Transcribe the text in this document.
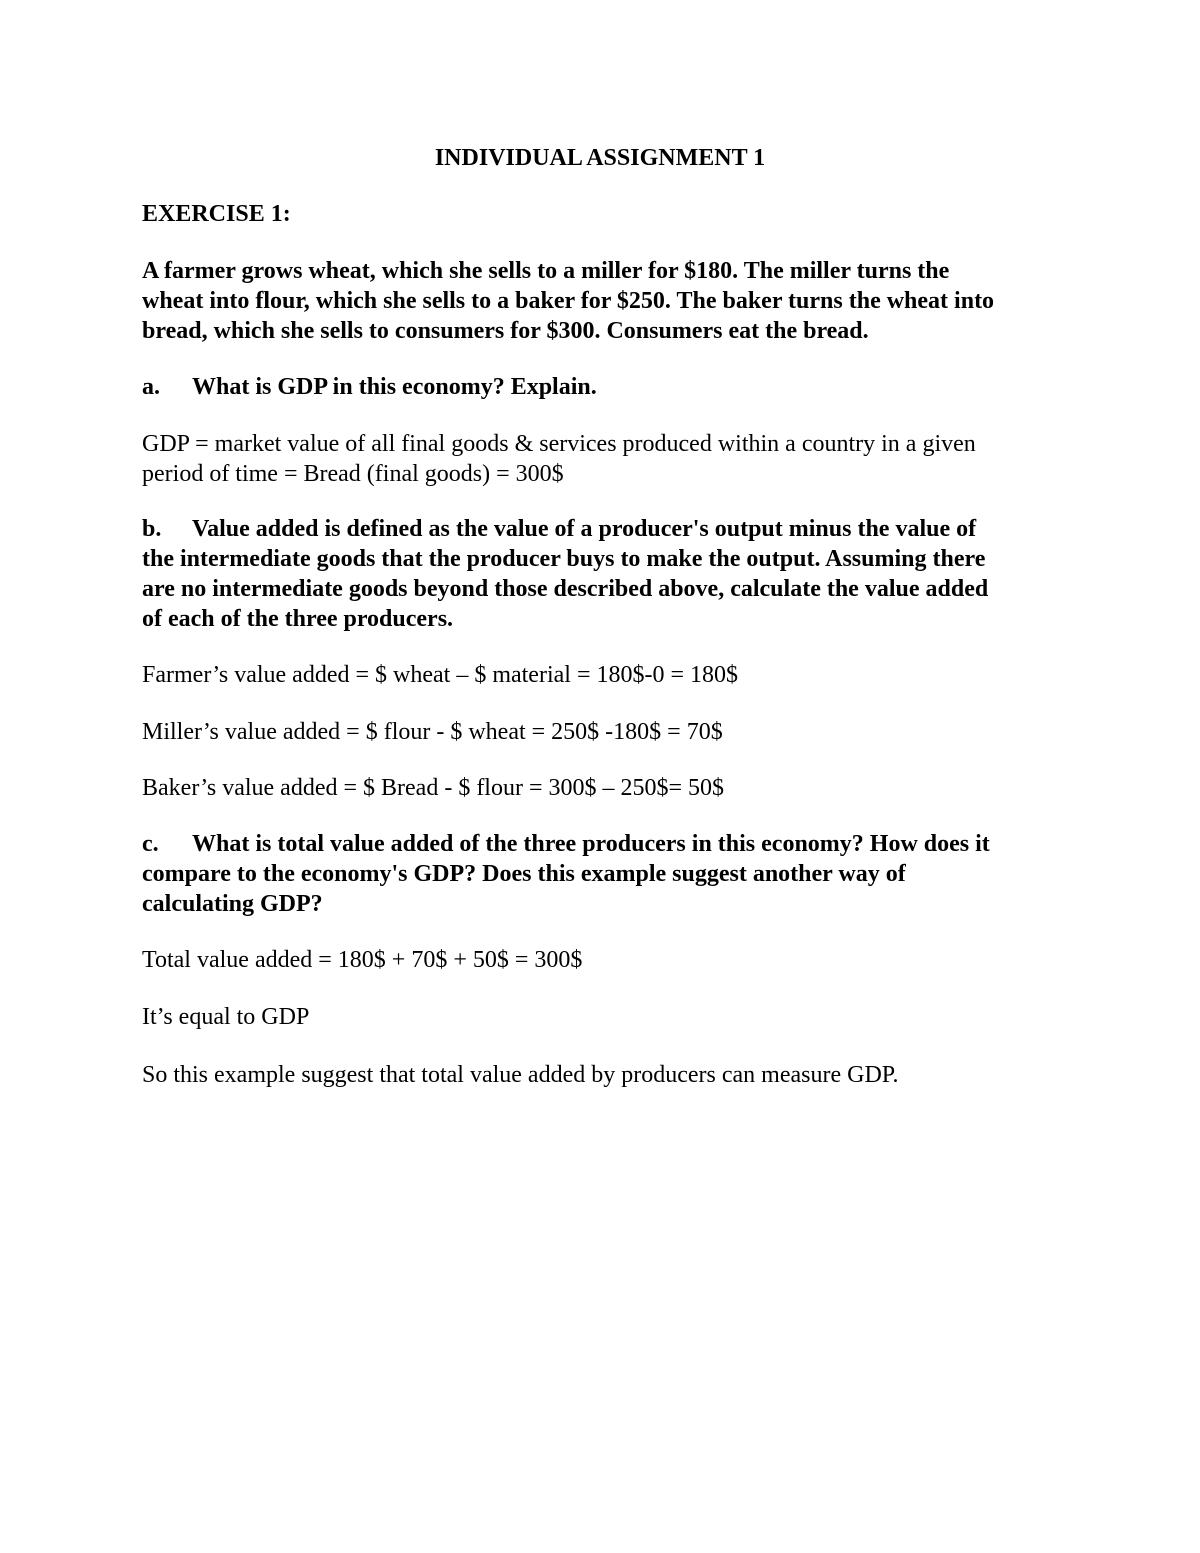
INDIVIDUAL ASSIGNMENT 1

EXERCISE 1:

A farmer grows wheat, which she sells to a miller for $180. The miller turns the
wheat into flour, which she sells to a baker for $250. The baker turns the wheat into
bread, which she sells to consumers for $300. Consumers eat the bread.
a. What is GDP in this economy? Explain.
GDP = market value of all final goods & services produced within a country in a given
period of time = Bread (final goods) = 300$
b. Value added is defined as the value of a producer's output minus the value of
the intermediate goods that the producer buys to make the output. Assuming there
are no intermediate goods beyond those described above, calculate the value added
of each of the three producers.

Farmer’s value added = $ wheat – $ material = 180$-0 = 180$

Miller’s value added = $ flour - $ wheat = 250$ -180$ = 70$

Baker’s value added = $ Bread - $ flour = 300$ – 250$= 50$

c. What is total value added of the three producers in this economy? How does it
compare to the economy's GDP? Does this example suggest another way of
calculating GDP?

Total value added = 180$ + 70$ + 50$ = 300$

It’s equal to GDP

So this example suggest that total value added by producers can measure GDP.
